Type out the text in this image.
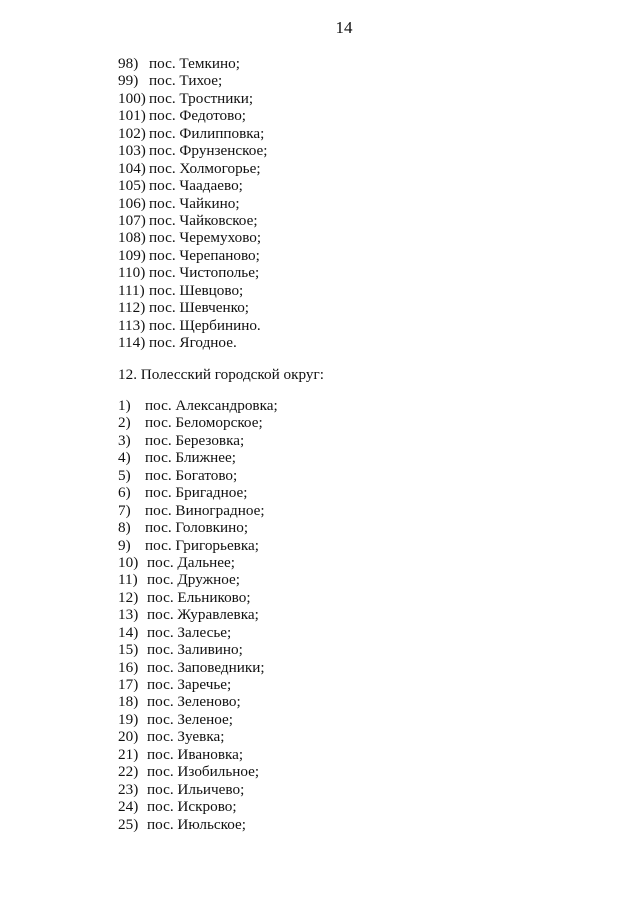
14
98) пос. Темкино;
99) пос. Тихое;
100) пос. Тростники;
101) пос. Федотово;
102) пос. Филипповка;
103) пос. Фрунзенское;
104) пос. Холмогорье;
105) пос. Чаадаево;
106) пос. Чайкино;
107) пос. Чайковское;
108) пос. Черемухово;
109) пос. Черепаново;
110) пос. Чистополье;
111) пос. Шевцово;
112) пос. Шевченко;
113) пос. Щербинино.
114) пос. Ягодное.
12. Полесский городской округ:
1) пос. Александровка;
2) пос. Беломорское;
3) пос. Березовка;
4) пос. Ближнее;
5) пос. Богатово;
6) пос. Бригадное;
7) пос. Виноградное;
8) пос. Головкино;
9) пос. Григорьевка;
10) пос. Дальнее;
11) пос. Дружное;
12) пос. Ельниково;
13) пос. Журавлевка;
14) пос. Залесье;
15) пос. Заливино;
16) пос. Заповедники;
17) пос. Заречье;
18) пос. Зеленово;
19) пос. Зеленое;
20) пос. Зуевка;
21) пос. Ивановка;
22) пос. Изобильное;
23) пос. Ильичево;
24) пос. Искрово;
25) пос. Июльское;
